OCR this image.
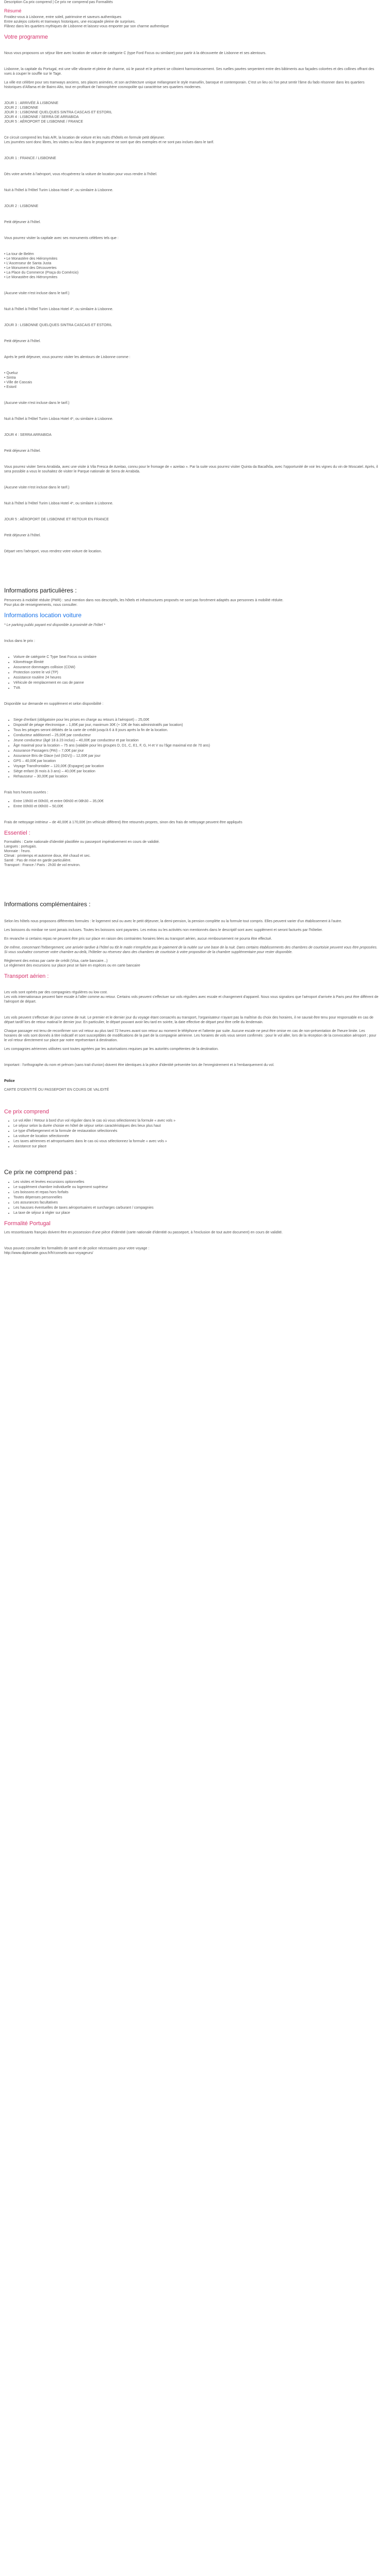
Description Ca prix comprend | Ce prix ne comprend pas Formalités
Résumé
Froidez-vous à Lisbonne, entre soleil, patrimoine et saveurs authentiques
Entre azulejos colorés et tramways historiques, une escapade pleine de surprises.
Flânez dans les quartiers mythiques de Lisbonne et laissez-vous emporter par son charme authentique
Votre programme
Nous vous proposons un séjour libre avec location de voiture de catégorie C (type Ford Focus ou similaire) pour partir à la découverte de Lisbonne et ses alentours.
Lisbonne, la capitale du Portugal, est une ville vibrante et pleine de charme, où le passé et le présent se côtoient harmonieusement. Ses ruelles pavées serpentent entre des bâtiments aux façades colorées et des collines offrant des vues à couper le souffle sur le Tage.
La ville est célèbre pour ses tramways anciens, ses places animées, et son architecture unique mélangeant le style manuélin, baroque et contemporain. C'est un lieu où l'on peut sentir l'âme du fado résonner dans les quartiers historiques d'Alfama et de Bairro Alto, tout en profitant de l'atmosphère cosmopolite qui caractérise ses quartiers modernes.
JOUR 1 : ARRIVÉE À LISBONNE
JOUR 2 : LISBONNE
JOUR 3 : LISBONNE QUELQUES SINTRA CASCAIS ET ESTORIL
JOUR 4 : LISBONNE / SERRA DE ARRABIDA
JOUR 5 : AÉROPORT DE LISBONNE / FRANCE
Ce circuit comprend les frais A/R, la location de voiture et les nuits d'hôtels en formule petit déjeuner.
Les journées sont donc libres, les visites ou lieux dans le programme ne sont que des exemples et ne sont pas inclues dans le tarif.
JOUR 1 : FRANCE / LISBONNE
Dès votre arrivée à l'aéroport, vous récupérerez la voiture de location pour vous rendre à l'hôtel.
Nuit à l'hôtel à l'Hôtel Turim Lisboa Hotel 4*, ou similaire à Lisbonne.
JOUR 2 : LISBONNE
Petit déjeuner à l'hôtel.
Vous pourrez visiter la capitale avec ses monuments célèbres tels que :
• La tour de Belém
• Le Monastère des Hiéronymites
• L'Ascenseur de Santa Justa
• Le Monument des Découvertes
• La Place du Commerce (Praça do Comércio)
• Le Monastère des Hiéronymites
(Aucune visite n'est incluse dans le tarif.)
Nuit à l'hôtel à l'Hôtel Turim Lisboa Hotel 4*, ou similaire à Lisbonne.
JOUR 3 : LISBONNE QUELQUES SINTRA CASCAIS ET ESTORIL
Petit déjeuner à l'hôtel.
Après le petit déjeuner, vous pourrez visiter les alentours de Lisbonne comme :
• Queluz
• Sintra
• Ville de Cascais
• Estoril
(Aucune visite n'est incluse dans le tarif.)
Nuit à l'hôtel à l'Hôtel Turim Lisboa Hotel 4*, ou similaire à Lisbonne.
JOUR 4 : SERRA ARRABIDA
Petit déjeuner à l'hôtel.
Vous pourrez visiter Serra Arrabida, avec une visite à Vila Fresca de Azeitao, connu pour le fromage de « azeitao ». Par la suite vous pourrez visiter Quinta da Bacalhôa, avec l'opportunité de voir les vignes du vin de Moscatel. Après, il sera possible a vous le souhaitez de visiter le Parque nationale de Serra de Arrabida.
(Aucune visite n'est incluse dans le tarif.)
Nuit à l'hôtel à l'Hôtel Turim Lisboa Hotel 4*, ou similaire à Lisbonne.
JOUR 5 : AÉROPORT DE LISBONNE ET RETOUR EN FRANCE
Petit déjeuner à l'hôtel.
Départ vers l'aéroport, vous rendrez votre voiture de location.
Informations particulières :
Personnes à mobilité réduite (PMR) : seul mention dans nos descriptifs, les hôtels et infrastructures proposés ne sont pas forcément adaptés aux personnes à mobilité réduite.
Pour plus de renseignements, nous consulter.
Informations location voiture
* Le parking public payant est disponible à proximité de l'hôtel *
Inclus dans le prix :
• Voiture de catégorie C Type Seat Focus ou similaire
• Kilométrage illimité
• Assurance dommages collision (CDW)
• Protection contre le vol (TP)
• Assistance routière 24 heures
• Véhicule de remplacement en cas de panne
• TVA
Disponible sur demande en supplément et selon disponibilité :
• Siege d'enfant (obligatoire pour les prises en charge au retours à l'aéroport) – 25,00€
• Dispositif de péage électronique – 1,85€ par jour, maximum 30€ (+ 10€ de frais administratifs par location)
• Tous les péages seront débités de la carte de crédit jusqu'à 6 à 8 jours après la fin de la location.
• Conducteur additionnel – 25,00€ par conducteur
• Jeune conducteur (âgé 18 à 23 inclus) – 40,00€ par conducteur et par location
• Âge maximal pour la location – 75 ans (valable pour les groupes D, D1, C, E1, F, G, H et V ou l'âge maximal est de 70 ans)
• Assurance Passagers (PAI) – 7,00€ par jour
• Assurance Bris de Glace (vol (SGV)) – 12,00€ par jour
• GPS – 40,00€ par location
• Voyage Transfrontalier – 120,00€ (Espagne) par location
• Siège enfant (6 mois à 3 ans) – 40,00€ par location
• Rehausseur – 30,00€ par location
Frais hors heures ouvrées :
• Entre 19h00 et 00h00, et entre 06h00 et 08h30 – 35,00€
• Entre 00h00 et 06h00 – 50,00€
Frais de nettoyage intérieur – de 40,00€ à 170,00€ (en véhicule différent) être retournés propres, sinon des frais de nettoyage peuvent être appliqués
Essentiel :
Formalités : Carte nationale d'identité plastifiée ou passeport impérativement en cours de validité.
Langues : portugais.
Monnaie : l'euro.
Climat : printemps et automne doux, été chaud et sec.
Santé : Pas de mise en garde particulière.
Transport : France / Paris : 2h30 de vol environ.
Informations complémentaires :
Selon les hôtels nous proposons différentes formules : le logement seul ou avec le petit déjeuner, la demi-pension, la pension complète ou la formule tout compris. Elles peuvent varier d'un établissement à l'autre.
Les boissons du minibar ne sont jamais incluses. Toutes les boissons sont payantes. Les extras ou les activités non mentionnés dans le descriptif sont avec supplément et seront facturés par l'hôtelier.
En revanche si certains repas ne peuvent être pris sur place en raison des contraintes horaires liées au transport aérien, aucun remboursement ne pourra être effectué.
De même, concernant l'hébergement, une arrivée tardive à l'hôtel ou tôt le matin n'empêche pas le paiement de la nuitée sur une base de la nuit. Dans certains établissements des chambres de courtoisie peuvent vous être proposées. Si vous souhaitez conserver votre chambre au-delà, l'hôtelier ou réservez dans des chambres de courtoisie à votre proposition de la chambre supplémentaire pour rester disponible.
Règlement des extras par carte de crédit (Visa, carte bancaire...)
Le règlement des excursions sur place peut se faire en espèces ou en carte bancaire
Transport aérien :
Les vols sont opérés par des compagnies régulières ou low cost.
Les vols internationaux peuvent faire escale à l'aller comme au retour. Certains vols peuvent s'effectuer sur vols réguliers avec escale et changement d'appareil. Nous vous signalons que l'aéroport d'arrivée à Paris peut être différent de l'aéroport de départ.
Les vols peuvent s'effectuer de jour comme de nuit. Le premier et le dernier jour du voyage étant consacrés au transport, l'organisateur n'ayant pas la maîtrise du choix des horaires, il ne saurait être tenu pour responsable en cas de départ tardif lors de retour matinal le dernier jour. En particulier, le départ pouvant avoir lieu tard en soirée, la date effective de départ peut être celle du lendemain.
Chaque passager est tenu de reconfirmer son vol retour au plus tard 72 heures avant son retour au moment le téléphone et l'attente par suite. Aucune escale ne peut être omise en cas de non-présentation de l'heure limite. Les horaires de vols sont donnés à titre indicatif et sont susceptibles de modifications de la part de la compagnie aérienne. Les horaires de vols vous seront confirmés : pour le vol aller, lors de la réception de la convocation aéroport ; pour le vol retour directement sur place par notre représentant à destination.
Les compagnies aériennes utilisées sont toutes agréées par les autorisations requises par les autorités compétentes de la destination.
Important : l'orthographe du nom et prénom (sans trait d'union) doivent être identiques à la pièce d'identité présentée lors de l'enregistrement et à l'embarquement du vol.
Police
CARTE D'IDENTITÉ OU PASSEPORT EN COURS DE VALIDITÉ
Ce prix comprend
• Le vol Aller / Retour à bord d'un vol régulier dans le cas où vous sélectionnez la formule « avec vols »
• Le séjour selon la durée choisie en hôtel de séjour selon caractéristiques des lieux plus haut
• Le type d'hébergement et la formule de restauration sélectionnés
• La voiture de location sélectionnée
• Les taxes aériennes et aéroportuaires dans le cas où vous sélectionnez la formule « avec vols »
• Assistance sur place
Ce prix ne comprend pas :
• Les visites et levées excursions optionnelles
• Le supplément chambre individuelle ou logement supérieur
• Les boissons et repas hors forfaits
• Toutes dépenses personnelles
• Les assurances facultatives
• Les hausses éventuelles de taxes aéroportuaires et surcharges carburant / compagnies
• La taxe de séjour à régler sur place
Formalité Portugal
Les ressortissants français doivent être en possession d'une pièce d'identité (carte nationale d'identité ou passeport, à l'exclusion de tout autre document) en cours de validité.
Vous pouvez consulter les formalités de santé et de police nécessaires pour votre voyage :
http://www.diplomatie.gouv.fr/fr/conseils-aux-voyageurs/
